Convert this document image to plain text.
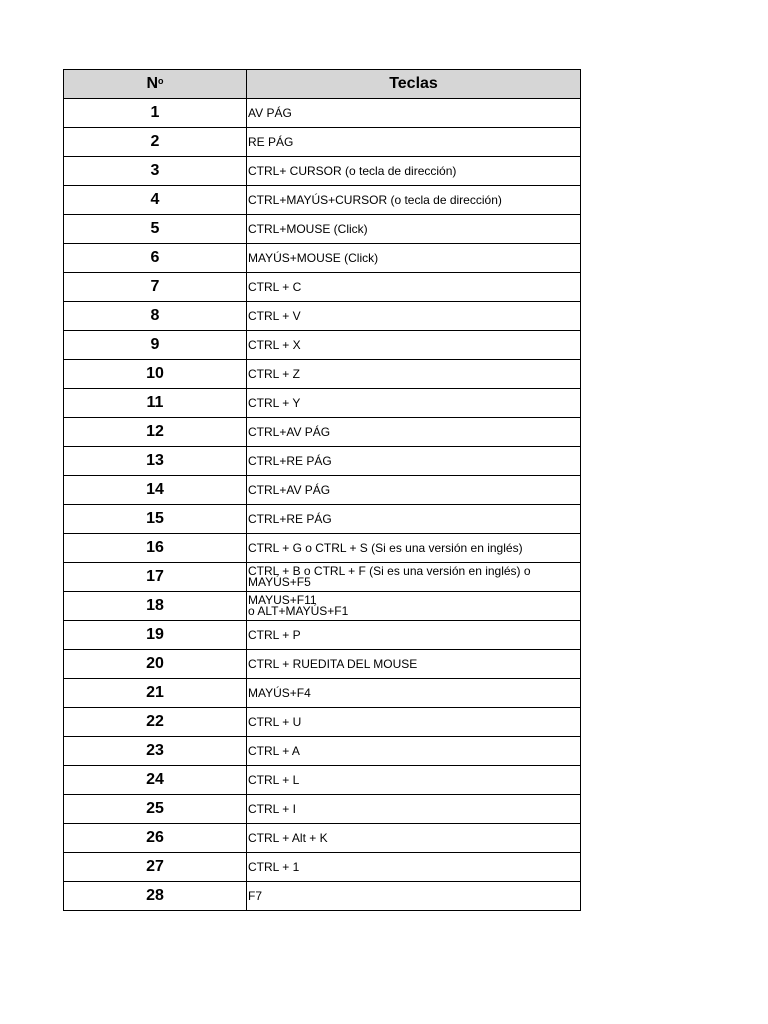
$N^o$	Teclas
1	AV PÁG
2	RE PÁG
3	CTRL+ CURSOR (o tecla de dirección)
4	CTRL+MAYÚS+CURSOR (o tecla de dirección)
5	CTRL+MOUSE (Click)
6	MAYÚS+MOUSE (Click)
7	CTRL + C
8	CTRL + V
9	CTRL + X
10	CTRL + Z
11	CTRL + Y
12	CTRL+AV PÁG
13	CTRL+RE PÁG
14	CTRL+AV PÁG
15	CTRL+RE PÁG
16	CTRL + G o CTRL + S (Si es una versión en inglés)
17	CTRL + B o CTRL + F (Si es una versión en inglés) o
MAYÚS+F5
18	MAYUS+F11
o ALT+MAYÚS+F1
19	CTRL + P
20	CTRL + RUEDITA DEL MOUSE
21	MAYÚS+F4
22	CTRL + U
23	CTRL + A
24	CTRL + L
25	CTRL + I
26	CTRL + Alt + K
27	CTRL + 1
28	F7
